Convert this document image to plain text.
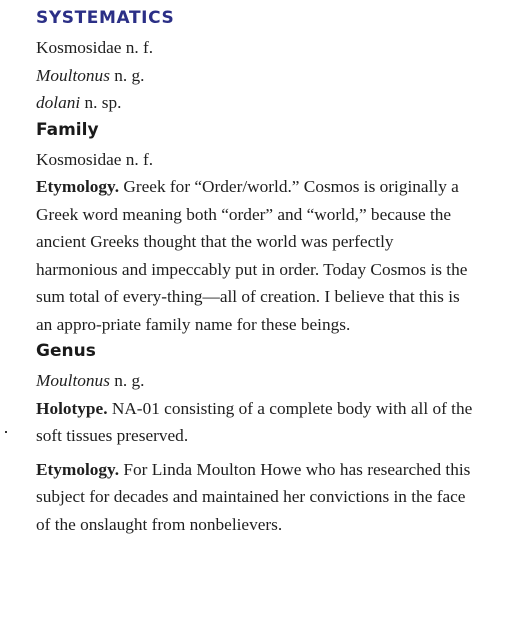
SYSTEMATICS
Kosmosidae n. f.
Moultonus n. g.
dolani n. sp.
Family
Kosmosidae n. f.

Etymology. Greek for “Order/world.” Cosmos is originally a Greek word meaning both “order” and “world,” because the ancient Greeks thought that the world was perfectly harmonious and impeccably put in order. Today Cosmos is the sum total of every-thing—all of creation. I believe that this is an appro-priate family name for these beings.

Genus
Moultonus n. g.

Holotype. NA-01 consisting of a complete body with all of the soft tissues preserved.

Etymology. For Linda Moulton Howe who has researched this subject for decades and maintained her convictions in the face of the onslaught from nonbelievers.
